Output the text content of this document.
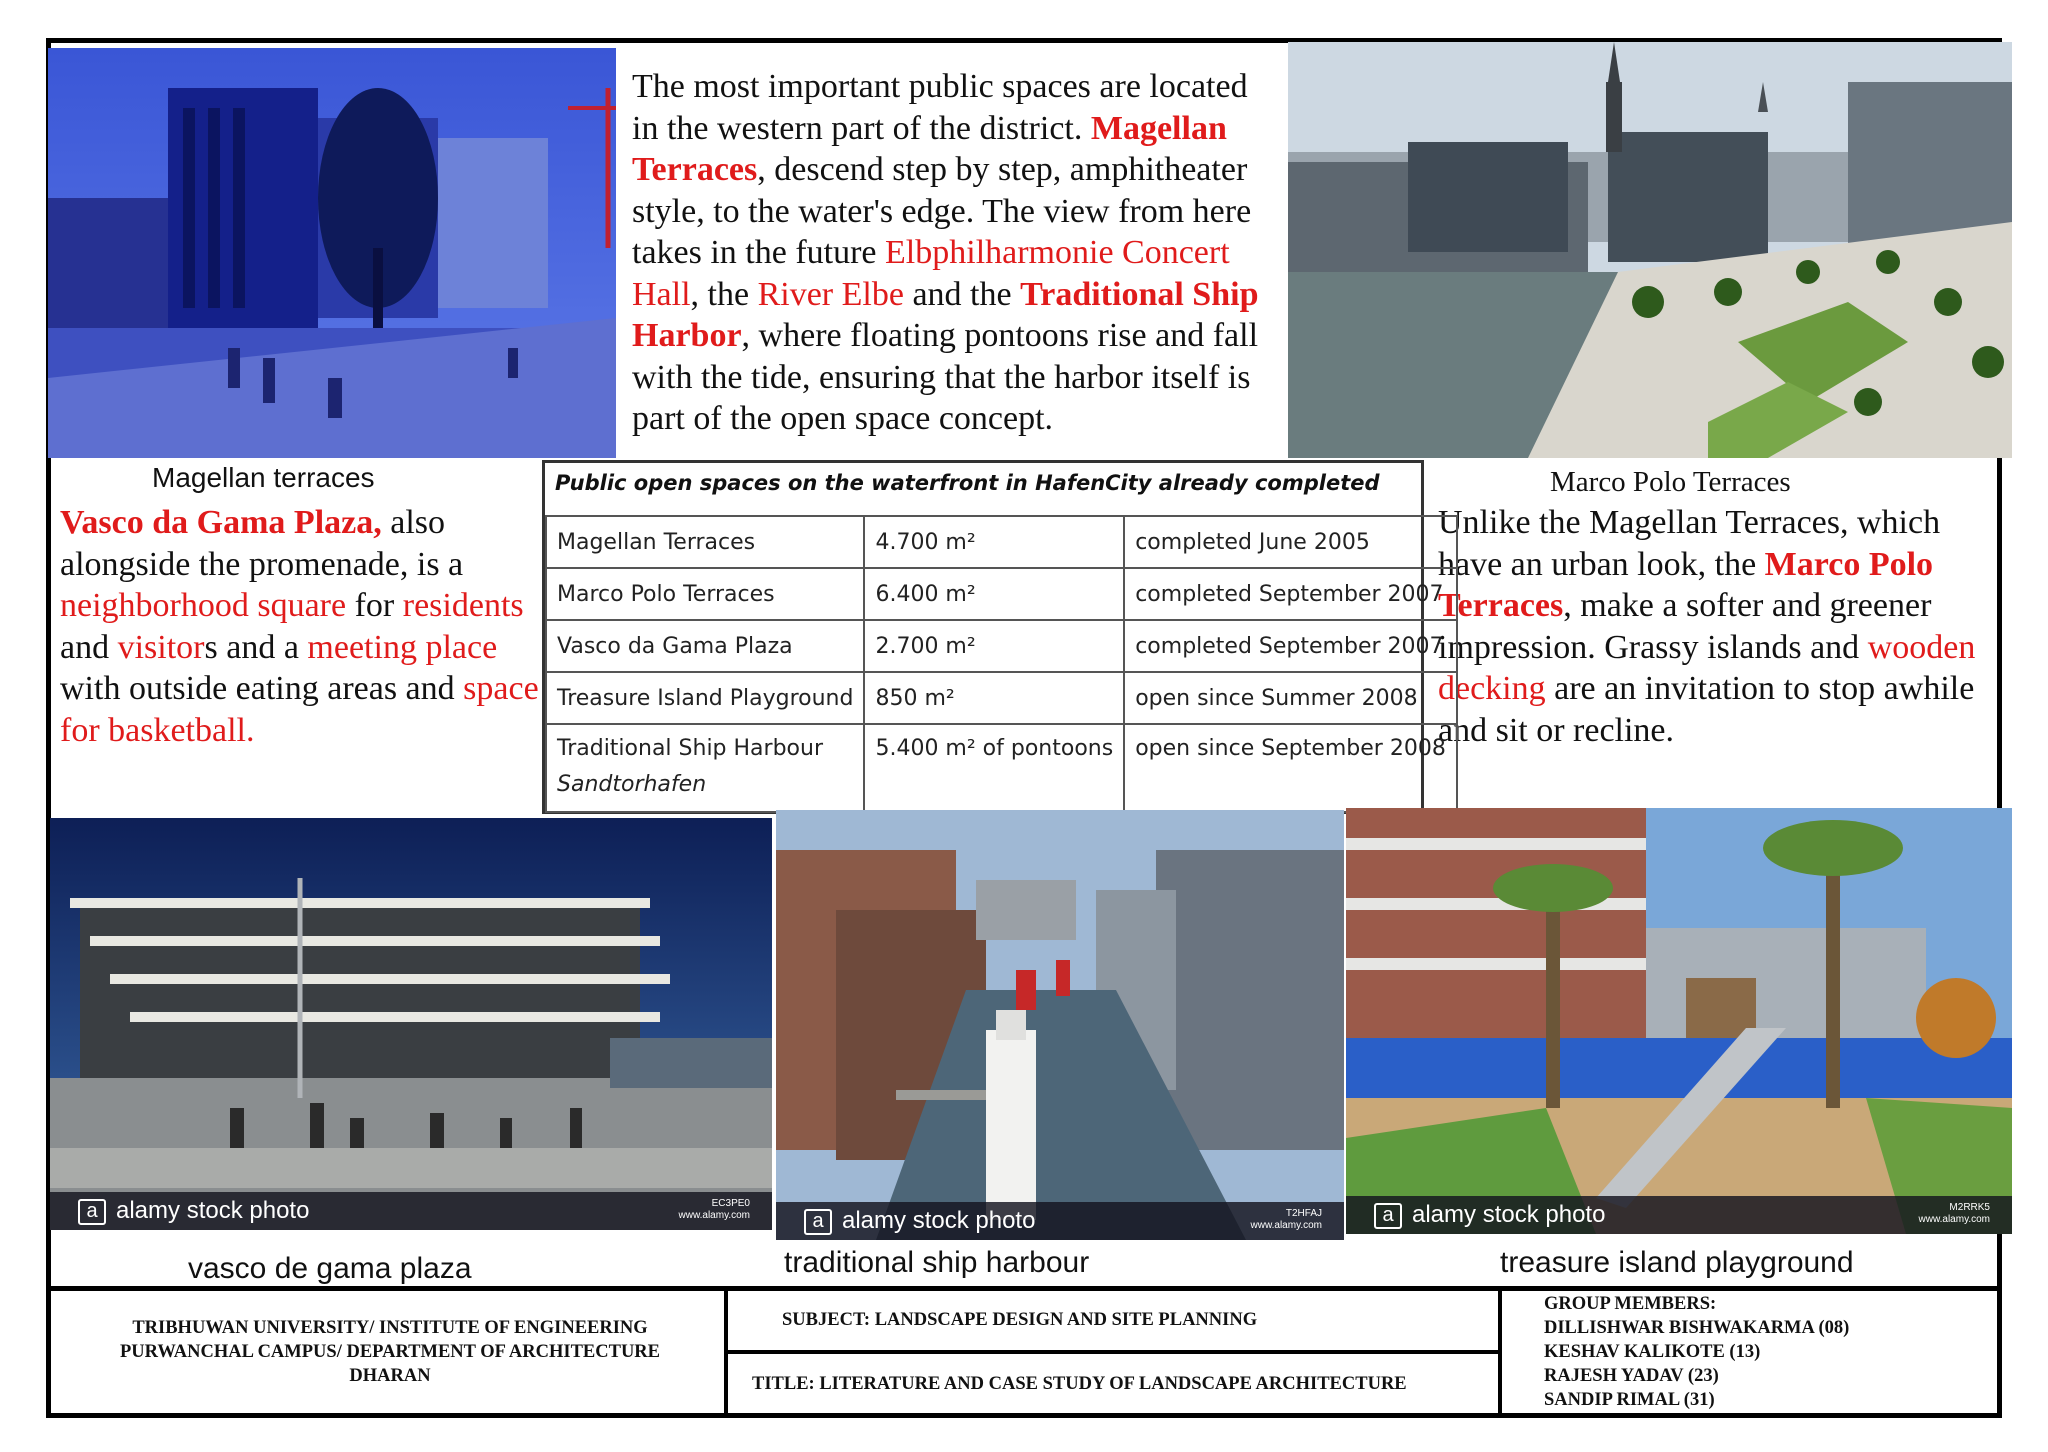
The most important public spaces are located in the western part of the district. Magellan Terraces, descend step by step, amphitheater style, to the water's edge. The view from here takes in the future Elbphilharmonie Concert Hall, the River Elbe and the Traditional Ship Harbor, where floating pontoons rise and fall with the tide, ensuring that the harbor itself is part of the open space concept.
Magellan terraces	Marco Polo Terraces
Vasco da Gama Plaza, also alongside the promenade, is a neighborhood square for residents and visitors and a meeting place with outside eating areas and space for basketball.
Unlike the Magellan Terraces, which have an urban look, the Marco Polo Terraces, make a softer and greener impression. Grassy islands and wooden decking are an invitation to stop awhile and sit or recline.
Public open spaces on the waterfront in HafenCity already completed
Magellan Terraces	4.700 m²	completed June 2005
Marco Polo Terraces	6.400 m²	completed September 2007
Vasco da Gama Plaza	2.700 m²	completed September 2007
Treasure Island Playground	850 m²	open since Summer 2008
Traditional Ship Harbour
Sandtorhafen	5.400 m² of pontoons	open since September 2008
a alamy stock photo	EC3PE0
www.alamy.com	a alamy stock photo	T2HFAJ
www.alamy.com	a alamy stock photo	M2RRK5
www.alamy.com
vasco de gama plaza	traditional ship harbour	treasure island playground
TRIBHUWAN UNIVERSITY/ INSTITUTE OF ENGINEERING
PURWANCHAL CAMPUS/ DEPARTMENT OF ARCHITECTURE
DHARAN
SUBJECT: LANDSCAPE DESIGN AND SITE PLANNING
TITLE: LITERATURE AND CASE STUDY OF LANDSCAPE ARCHITECTURE
GROUP MEMBERS:
DILLISHWAR BISHWAKARMA (08)
KESHAV KALIKOTE (13)
RAJESH YADAV (23)
SANDIP RIMAL (31)
